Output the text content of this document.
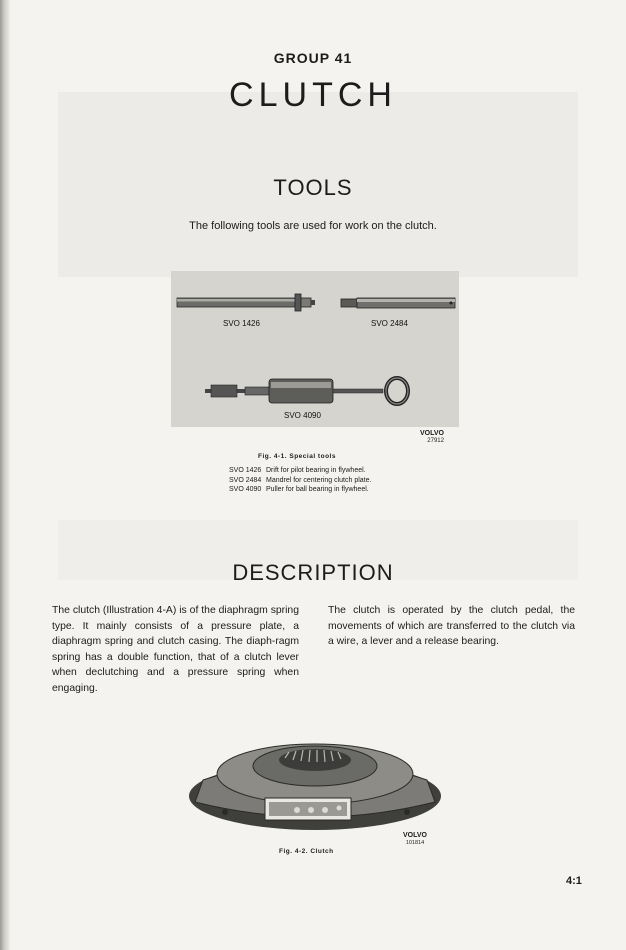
GROUP 41
CLUTCH
TOOLS
The following tools are used for work on the clutch.
SVO 1426	SVO 2484
SVO 4090
VOLVO
27912
Fig. 4-1. Special tools
SVO 1426 Drift for pilot bearing in flywheel.
SVO 2484 Mandrel for centering clutch plate.
SVO 4090 Puller for ball bearing in flywheel.
DESCRIPTION
The clutch (Illustration 4-A) is of the diaphragm spring type. It mainly consists of a pressure plate, a diaphragm spring and clutch casing. The diaph-ragm spring has a double function, that of a clutch lever when declutching and a pressure spring when engaging.
The clutch is operated by the clutch pedal, the movements of which are transferred to the clutch via a wire, a lever and a release bearing.
VOLVO
101814
Fig. 4-2. Clutch
4:1
